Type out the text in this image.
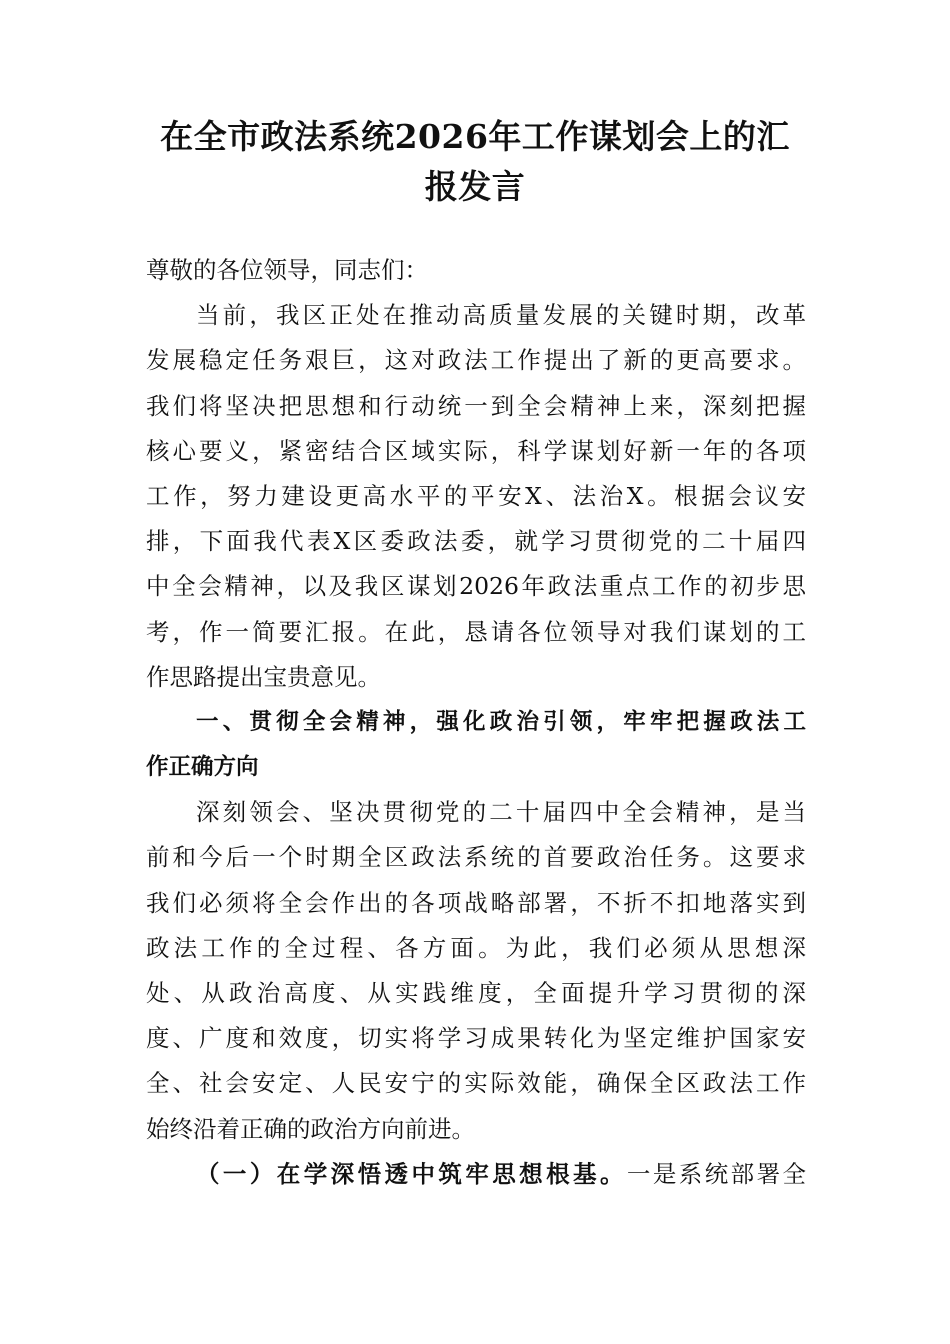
在全市政法系统2026年工作谋划会上的汇
报发言
尊敬的各位领导，同志们：
当前，我区正处在推动高质量发展的关键时期，改革
发展稳定任务艰巨，这对政法工作提出了新的更高要求。
我们将坚决把思想和行动统一到全会精神上来，深刻把握
核心要义，紧密结合区域实际，科学谋划好新一年的各项
工作，努力建设更高水平的平安X、法治X。根据会议安
排，下面我代表X区委政法委，就学习贯彻党的二十届四
中全会精神，以及我区谋划2026年政法重点工作的初步思
考，作一简要汇报。在此，恳请各位领导对我们谋划的工
作思路提出宝贵意见。
一、贯彻全会精神，强化政治引领，牢牢把握政法工
作正确方向
深刻领会、坚决贯彻党的二十届四中全会精神，是当
前和今后一个时期全区政法系统的首要政治任务。这要求
我们必须将全会作出的各项战略部署，不折不扣地落实到
政法工作的全过程、各方面。为此，我们必须从思想深
处、从政治高度、从实践维度，全面提升学习贯彻的深
度、广度和效度，切实将学习成果转化为坚定维护国家安
全、社会安定、人民安宁的实际效能，确保全区政法工作
始终沿着正确的政治方向前进。
（一）在学深悟透中筑牢思想根基。一是系统部署全
